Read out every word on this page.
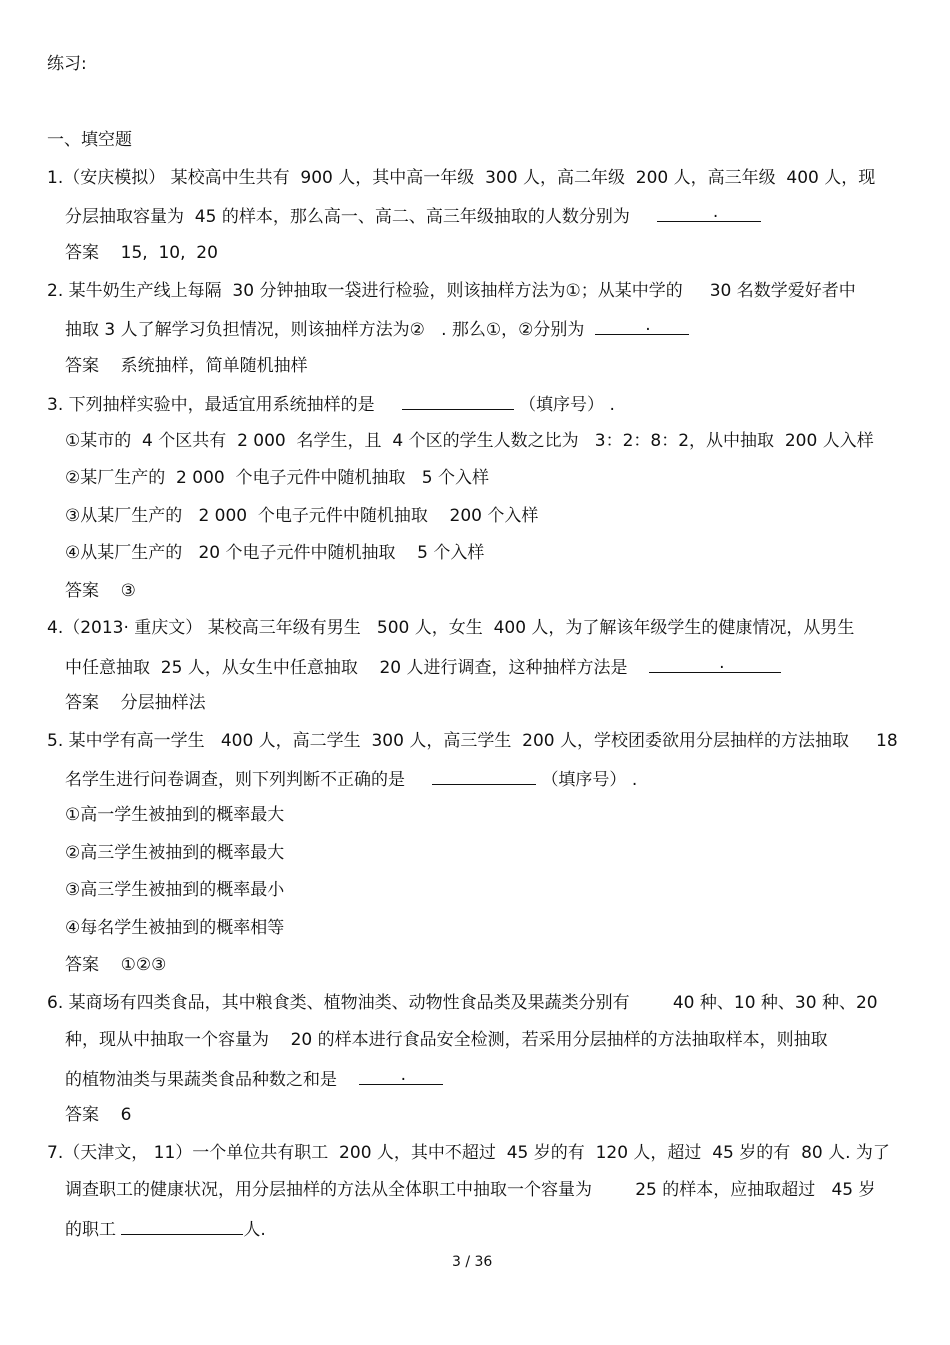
练习:
一、填空题
1.（安庆模拟） 某校高中生共有  900 人，其中高一年级  300 人，高二年级  200 人，高三年级  400 人，现
分层抽取容量为  45 的样本，那么高一、高二、高三年级抽取的人数分别为	.
答案 15,  10,  20
2. 某牛奶生产线上每隔  30 分钟抽取一袋进行检验，则该抽样方法为①；从某中学的     30 名数学爱好者中
抽取 3 人了解学习负担情况，则该抽样方法为②   . 那么①，②分别为	.
答案 系统抽样，简单随机抽样
3. 下列抽样实验中，最适宜用系统抽样的是	（填序号） .
①某市的  4 个区共有  2 000  名学生，且  4 个区的学生人数之比为   3：2：8：2，从中抽取  200 人入样
②某厂生产的  2 000  个电子元件中随机抽取   5 个入样
③从某厂生产的   2 000  个电子元件中随机抽取    200 个入样
④从某厂生产的   20 个电子元件中随机抽取    5 个入样
答案 ③
4.（2013· 重庆文） 某校高三年级有男生   500 人，女生  400 人，为了解该年级学生的健康情况，从男生
中任意抽取  25 人，从女生中任意抽取    20 人进行调查，这种抽样方法是	.
答案 分层抽样法
5. 某中学有高一学生   400 人，高二学生  300 人，高三学生  200 人，学校团委欲用分层抽样的方法抽取     18
名学生进行问卷调查，则下列判断不正确的是	（填序号） .
①高一学生被抽到的概率最大
②高三学生被抽到的概率最大
③高三学生被抽到的概率最小
④每名学生被抽到的概率相等
答案 ①②③
6. 某商场有四类食品，其中粮食类、植物油类、动物性食品类及果蔬类分别有        40 种、10 种、30 种、20
种，现从中抽取一个容量为    20 的样本进行食品安全检测，若采用分层抽样的方法抽取样本，则抽取
的植物油类与果蔬类食品种数之和是	.
答案 6
7.（天津文， 11）一个单位共有职工  200 人，其中不超过  45 岁的有  120 人，超过  45 岁的有  80 人. 为了
调查职工的健康状况，用分层抽样的方法从全体职工中抽取一个容量为        25 的样本，应抽取超过   45 岁
的职工	人.
3 / 36
